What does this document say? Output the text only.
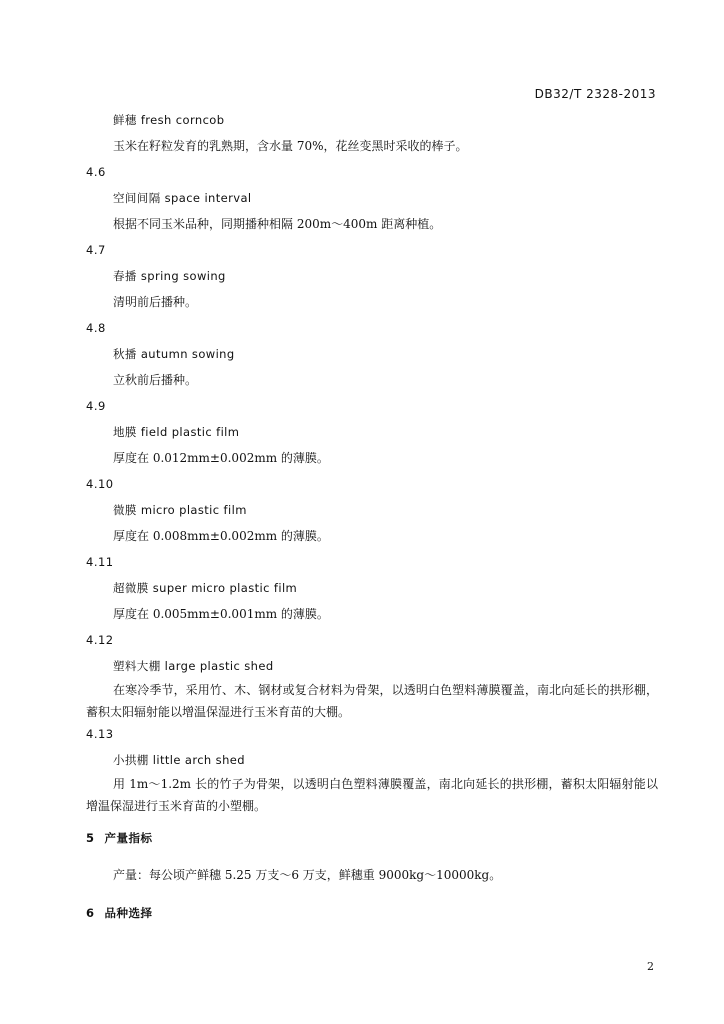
DB32/T 2328-2013
鲜穗 fresh corncob
玉米在籽粒发育的乳熟期，含水量 70%，花丝变黑时采收的棒子。
4.6
空间间隔 space interval
根据不同玉米品种，同期播种相隔 200m～400m 距离种植。
4.7
春播 spring sowing
清明前后播种。
4.8
秋播 autumn sowing
立秋前后播种。
4.9
地膜 field plastic film
厚度在 0.012mm±0.002mm 的薄膜。
4.10
微膜 micro plastic film
厚度在 0.008mm±0.002mm 的薄膜。
4.11
超微膜 super micro plastic film
厚度在 0.005mm±0.001mm 的薄膜。
4.12
塑料大棚 large plastic shed
在寒冷季节，采用竹、木、钢材或复合材料为骨架，以透明白色塑料薄膜覆盖，南北向延长的拱形棚，蓄积太阳辐射能以增温保湿进行玉米育苗的大棚。
4.13
小拱棚 little arch shed
用 1m～1.2m 长的竹子为骨架，以透明白色塑料薄膜覆盖，南北向延长的拱形棚，蓄积太阳辐射能以增温保湿进行玉米育苗的小塑棚。
5 产量指标
产量：每公顷产鲜穗 5.25 万支～6 万支，鲜穗重 9000kg～10000kg。
6 品种选择
2
